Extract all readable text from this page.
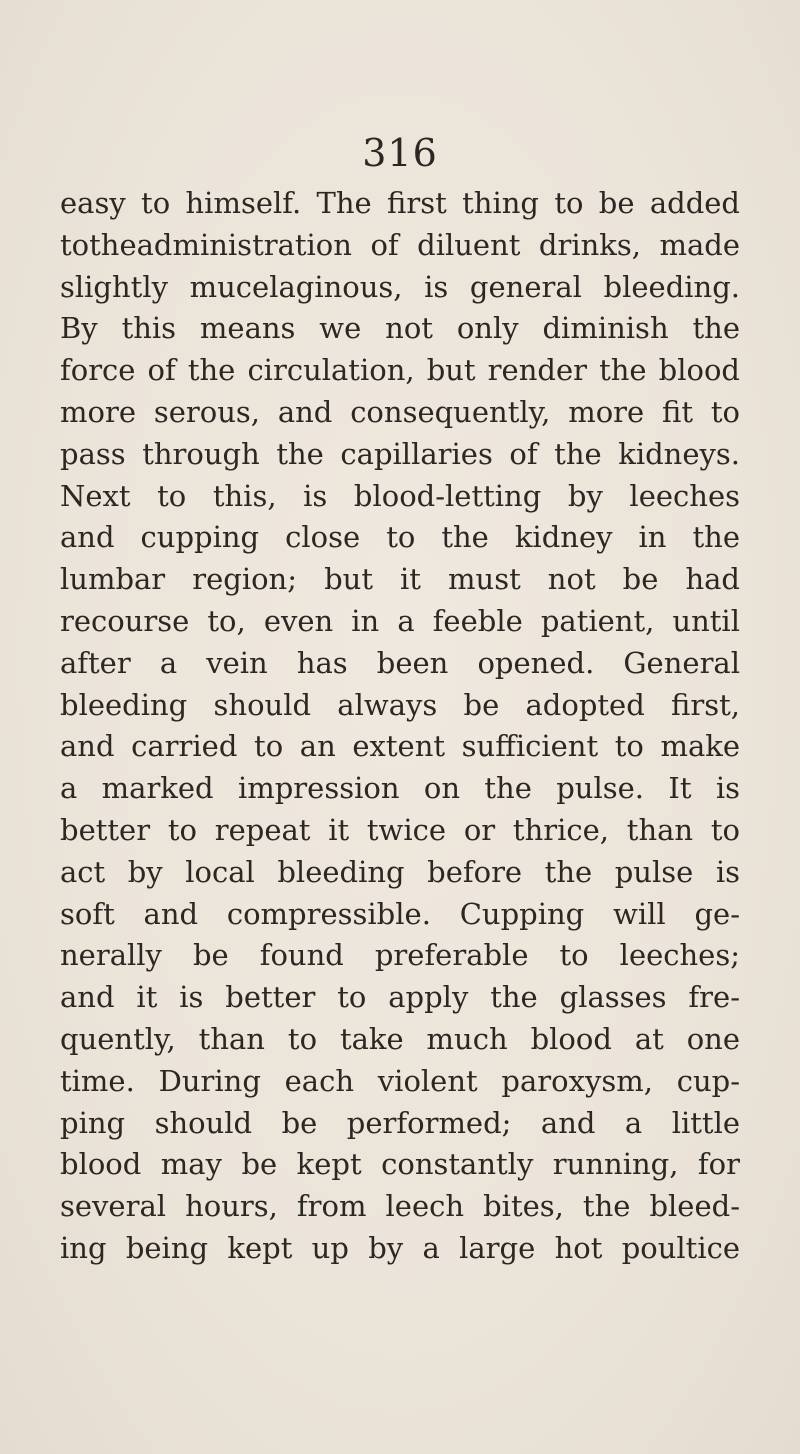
316
easy to himself. The first thing to be added
totheadministration of diluent drinks, made
slightly mucelaginous, is general bleeding.
By this means we not only diminish the
force of the circulation, but render the blood
more serous, and consequently, more fit to
pass through the capillaries of the kidneys.
Next to this, is blood-letting by leeches
and cupping close to the kidney in the
lumbar region; but it must not be had
recourse to, even in a feeble patient, until
after a vein has been opened. General
bleeding should always be adopted first,
and carried to an extent sufficient to make
a marked impression on the pulse. It is
better to repeat it twice or thrice, than to
act by local bleeding before the pulse is
soft and compressible. Cupping will ge-
nerally be found preferable to leeches;
and it is better to apply the glasses fre-
quently, than to take much blood at one
time. During each violent paroxysm, cup-
ping should be performed; and a little
blood may be kept constantly running, for
several hours, from leech bites, the bleed-
ing being kept up by a large hot poultice
